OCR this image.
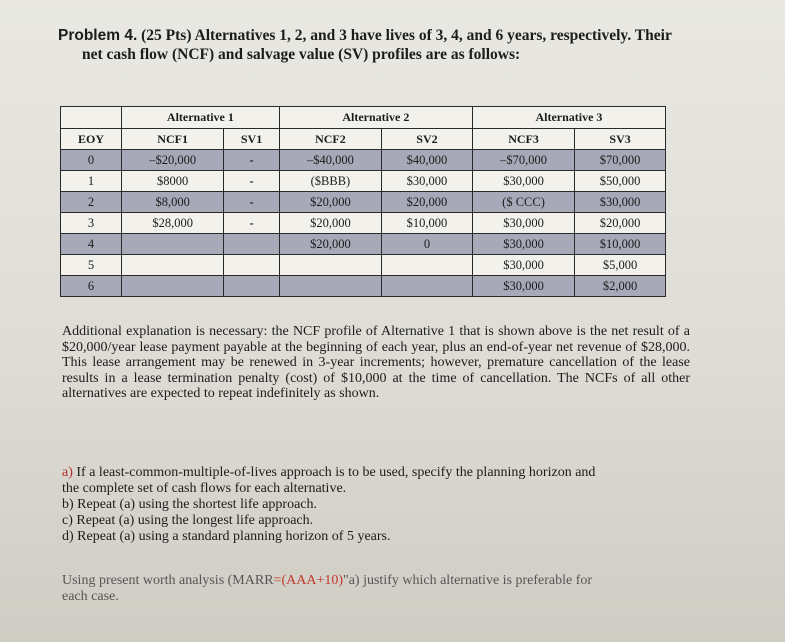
Problem 4. (25 Pts) Alternatives 1, 2, and 3 have lives of 3, 4, and 6 years, respectively. Their
net cash flow (NCF) and salvage value (SV) profiles are as follows:
	Alternative 1		Alternative 2		Alternative 3	
EOY	NCF1	SV1	NCF2	SV2	NCF3	SV3
0	–$20,000	-	–$40,000	$40,000	–$70,000	$70,000
1	$8000	-	($BBB)	$30,000	$30,000	$50,000
2	$8,000	-	$20,000	$20,000	($ CCC)	$30,000
3	$28,000	-	$20,000	$10,000	$30,000	$20,000
4			$20,000	0	$30,000	$10,000
5					$30,000	$5,000
6					$30,000	$2,000
Additional explanation is necessary: the NCF profile of Alternative 1 that is shown above is the net result of a $20,000/year lease payment payable at the beginning of each year, plus an end-of-year net revenue of $28,000. This lease arrangement may be renewed in 3-year increments; however, premature cancellation of the lease results in a lease termination penalty (cost) of $10,000 at the time of cancellation. The NCFs of all other alternatives are expected to repeat indefinitely as shown.
a) If a least-common-multiple-of-lives approach is to be used, specify the planning horizon and
the complete set of cash flows for each alternative.
b) Repeat (a) using the shortest life approach.
c) Repeat (a) using the longest life approach.
d) Repeat (a) using a standard planning horizon of 5 years.
Using present worth analysis (MARR=(AAA+10)"a) justify which alternative is preferable for
each case.
